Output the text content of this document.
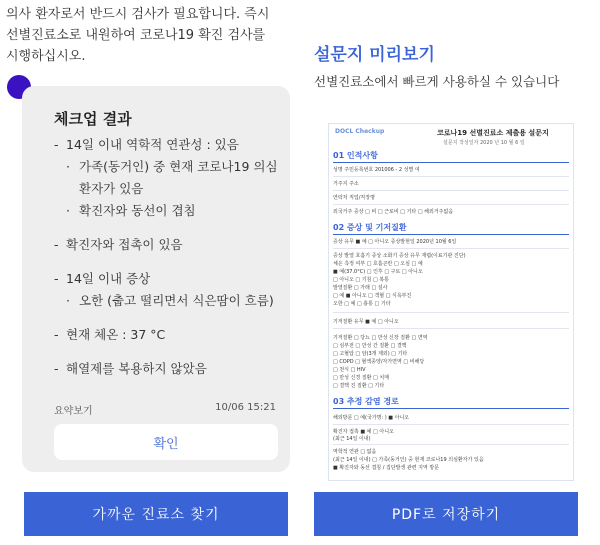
의사 환자로서 반드시 검사가 필요합니다. 즉시
선별진료소로 내원하여 코로나19 확진 검사를
시행하십시오.
체크업 결과
- 14일 이내 역학적 연관성 : 있음
· 가족(동거인) 중 현재 코로나19 의심환자가 있음
· 확진자와 동선이 겹침
- 확진자와 접촉이 있음
- 14일 이내 증상
· 오한 (춥고 떨리면서 식은땀이 흐름)
- 현재 체온 : 37 °C
- 해열제를 복용하지 않았음
요약보기	10/06 15:21
확인
가까운 진료소 찾기
설문지 미리보기
선별진료소에서 빠르게 사용하실 수 있습니다
DOCL Checkup	코로나19 선별진료소 제출용 설문지
설문지 작성일자 2020 년 10 월 6 일
01 인적사항
성명 주민등록번호 201006 - 2 성별 여
거주지 주소
연락처 직업/직장명
외국거주 증상 □ 비 □ 근로비 □ 기타 □ 해외거주없음
02 증상 및 기저질환
증상 유무 ■ 예 □ 아니오 증상발현일 2020년 10월 6일
증상 발열 호흡기 증상 소화기 증상 유무 재렵(이료기관 진단)
체온 측정 여부 □ 호흡곤란 □ 오심 □ 예
■ 예(37.0°C) □ 인후 □ 구토 □ 아니오
□ 아니오 □ 기침 □ 복통
발열질환 □ 가래 □ 설사
□ 예 ■ 아니오 □ 객혈 □ 식욕부진
오한 □ 예 □ 흉통 □ 기타
기저질환 유무 ■ 예 □ 아니오
기저질환 □ 당뇨 □ 만성 신장 질환 □ 면역
□ 심부전 □ 만성 간 질환 □ 결핵
□ 고혈압 □ 암(3개 제외) □ 기타
□ COPD □ 혈액종양/자가면역 □ 비해당
□ 천식 □ HIV
□ 만성 신경 질환 □ 치매
□ 결핵 진 질환 □ 기타
03 추정 감염 경로
해외방문 □ 예(국가명: ) ■ 아니오
확진자 접촉 ■ 예 □ 아니오
(최근 14일 이내)
역학적 연관 □ 없음
(최근 14일 이내) □ 가족(동거인) 중 현재 코로나19 의심환자가 있음
■ 확진자와 동선 겹침 / 집단발생 관련 지역 방문
PDF로 저장하기
